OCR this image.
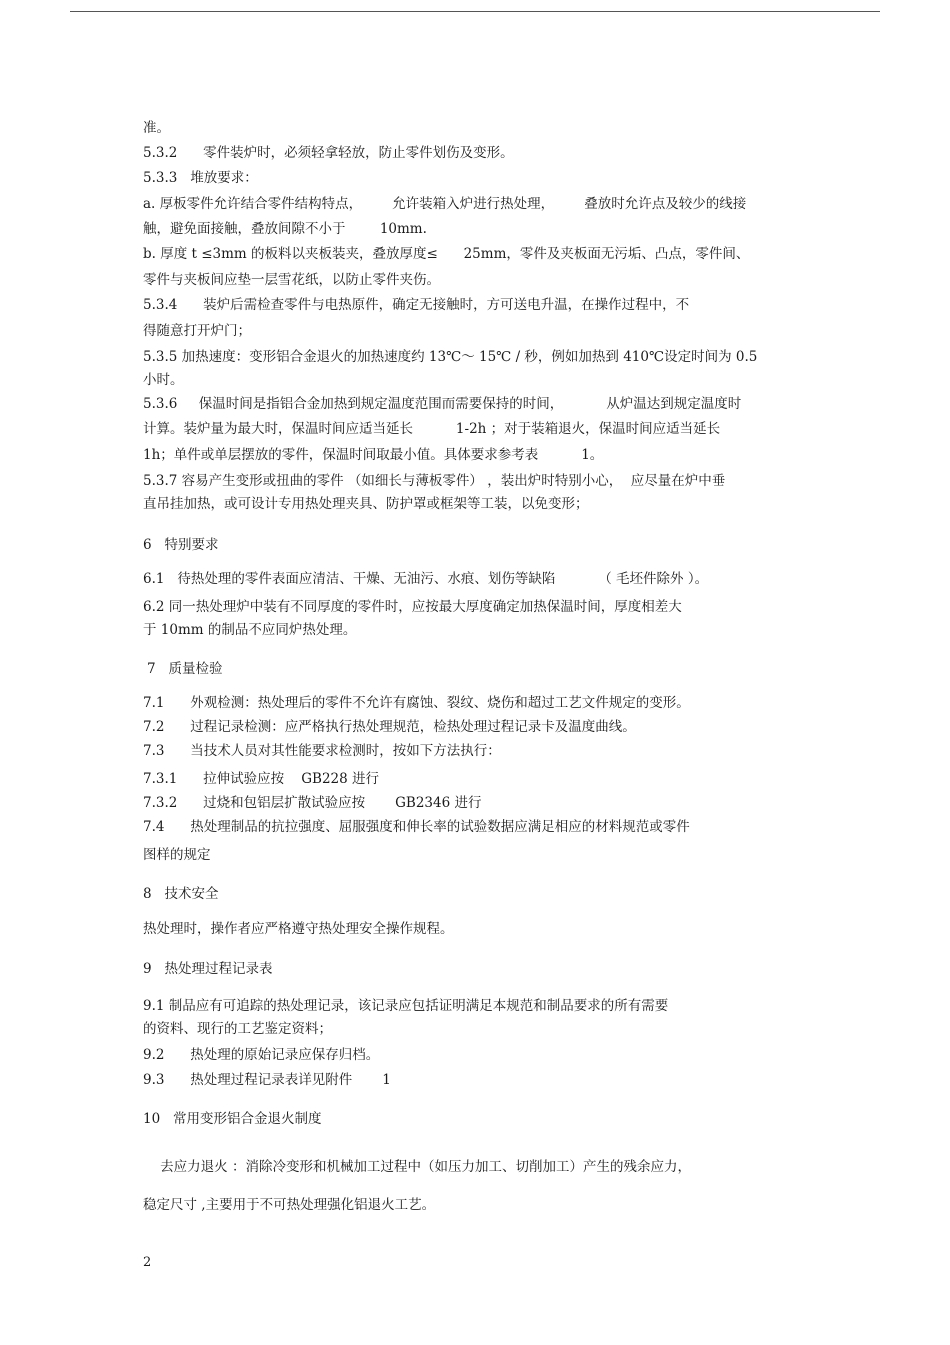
准。
5.3.2      零件装炉时，必须轻拿轻放，防止零件划伤及变形。
5.3.3   堆放要求：
a. 厚板零件允许结合零件结构特点，       允许装箱入炉进行热处理，       叠放时允许点及较少的线接
触，避免面接触，叠放间隙不小于        10mm.
b. 厚度 t ≤3mm 的板料以夹板装夹，叠放厚度≤      25mm，零件及夹板面无污垢、凸点，零件间、
零件与夹板间应垫一层雪花纸，以防止零件夹伤。
5.3.4      装炉后需检查零件与电热原件，确定无接触时，方可送电升温，在操作过程中，不
得随意打开炉门；
5.3.5 加热速度：变形铝合金退火的加热速度约 13℃～ 15℃ / 秒，例如加热到 410℃设定时间为 0.5
小时。
5.3.6     保温时间是指铝合金加热到规定温度范围而需要保持的时间，          从炉温达到规定温度时
计算。装炉量为最大时，保温时间应适当延长          1-2h ；对于装箱退火，保温时间应适当延长
1h；单件或单层摆放的零件，保温时间取最小值。具体要求参考表          1。
5.3.7 容易产生变形或扭曲的零件 （如细长与薄板零件） ，装出炉时特别小心，  应尽量在炉中垂
直吊挂加热，或可设计专用热处理夹具、防护罩或框架等工装，以免变形；
6   特别要求
6.1   待热处理的零件表面应清洁、干燥、无油污、水痕、划伤等缺陷          （ 毛坯件除外 ）。
6.2 同一热处理炉中装有不同厚度的零件时，应按最大厚度确定加热保温时间，厚度相差大
于 10mm 的制品不应同炉热处理。
7   质量检验
7.1      外观检测：热处理后的零件不允许有腐蚀、裂纹、烧伤和超过工艺文件规定的变形。
7.2      过程记录检测：应严格执行热处理规范，检热处理过程记录卡及温度曲线。
7.3      当技术人员对其性能要求检测时，按如下方法执行：
7.3.1      拉伸试验应按    GB228 进行
7.3.2      过烧和包铝层扩散试验应按       GB2346 进行
7.4      热处理制品的抗拉强度、屈服强度和伸长率的试验数据应满足相应的材料规范或零件
图样的规定
8   技术安全
热处理时，操作者应严格遵守热处理安全操作规程。
9   热处理过程记录表
9.1 制品应有可追踪的热处理记录，该记录应包括证明满足本规范和制品要求的所有需要
的资料、现行的工艺鉴定资料；
9.2      热处理的原始记录应保存归档。
9.3      热处理过程记录表详见附件       1
10   常用变形铝合金退火制度
去应力退火 ：消除冷变形和机械加工过程中（如压力加工、切削加工）产生的残余应力，
稳定尺寸 ,主要用于不可热处理强化铝退火工艺。
2
